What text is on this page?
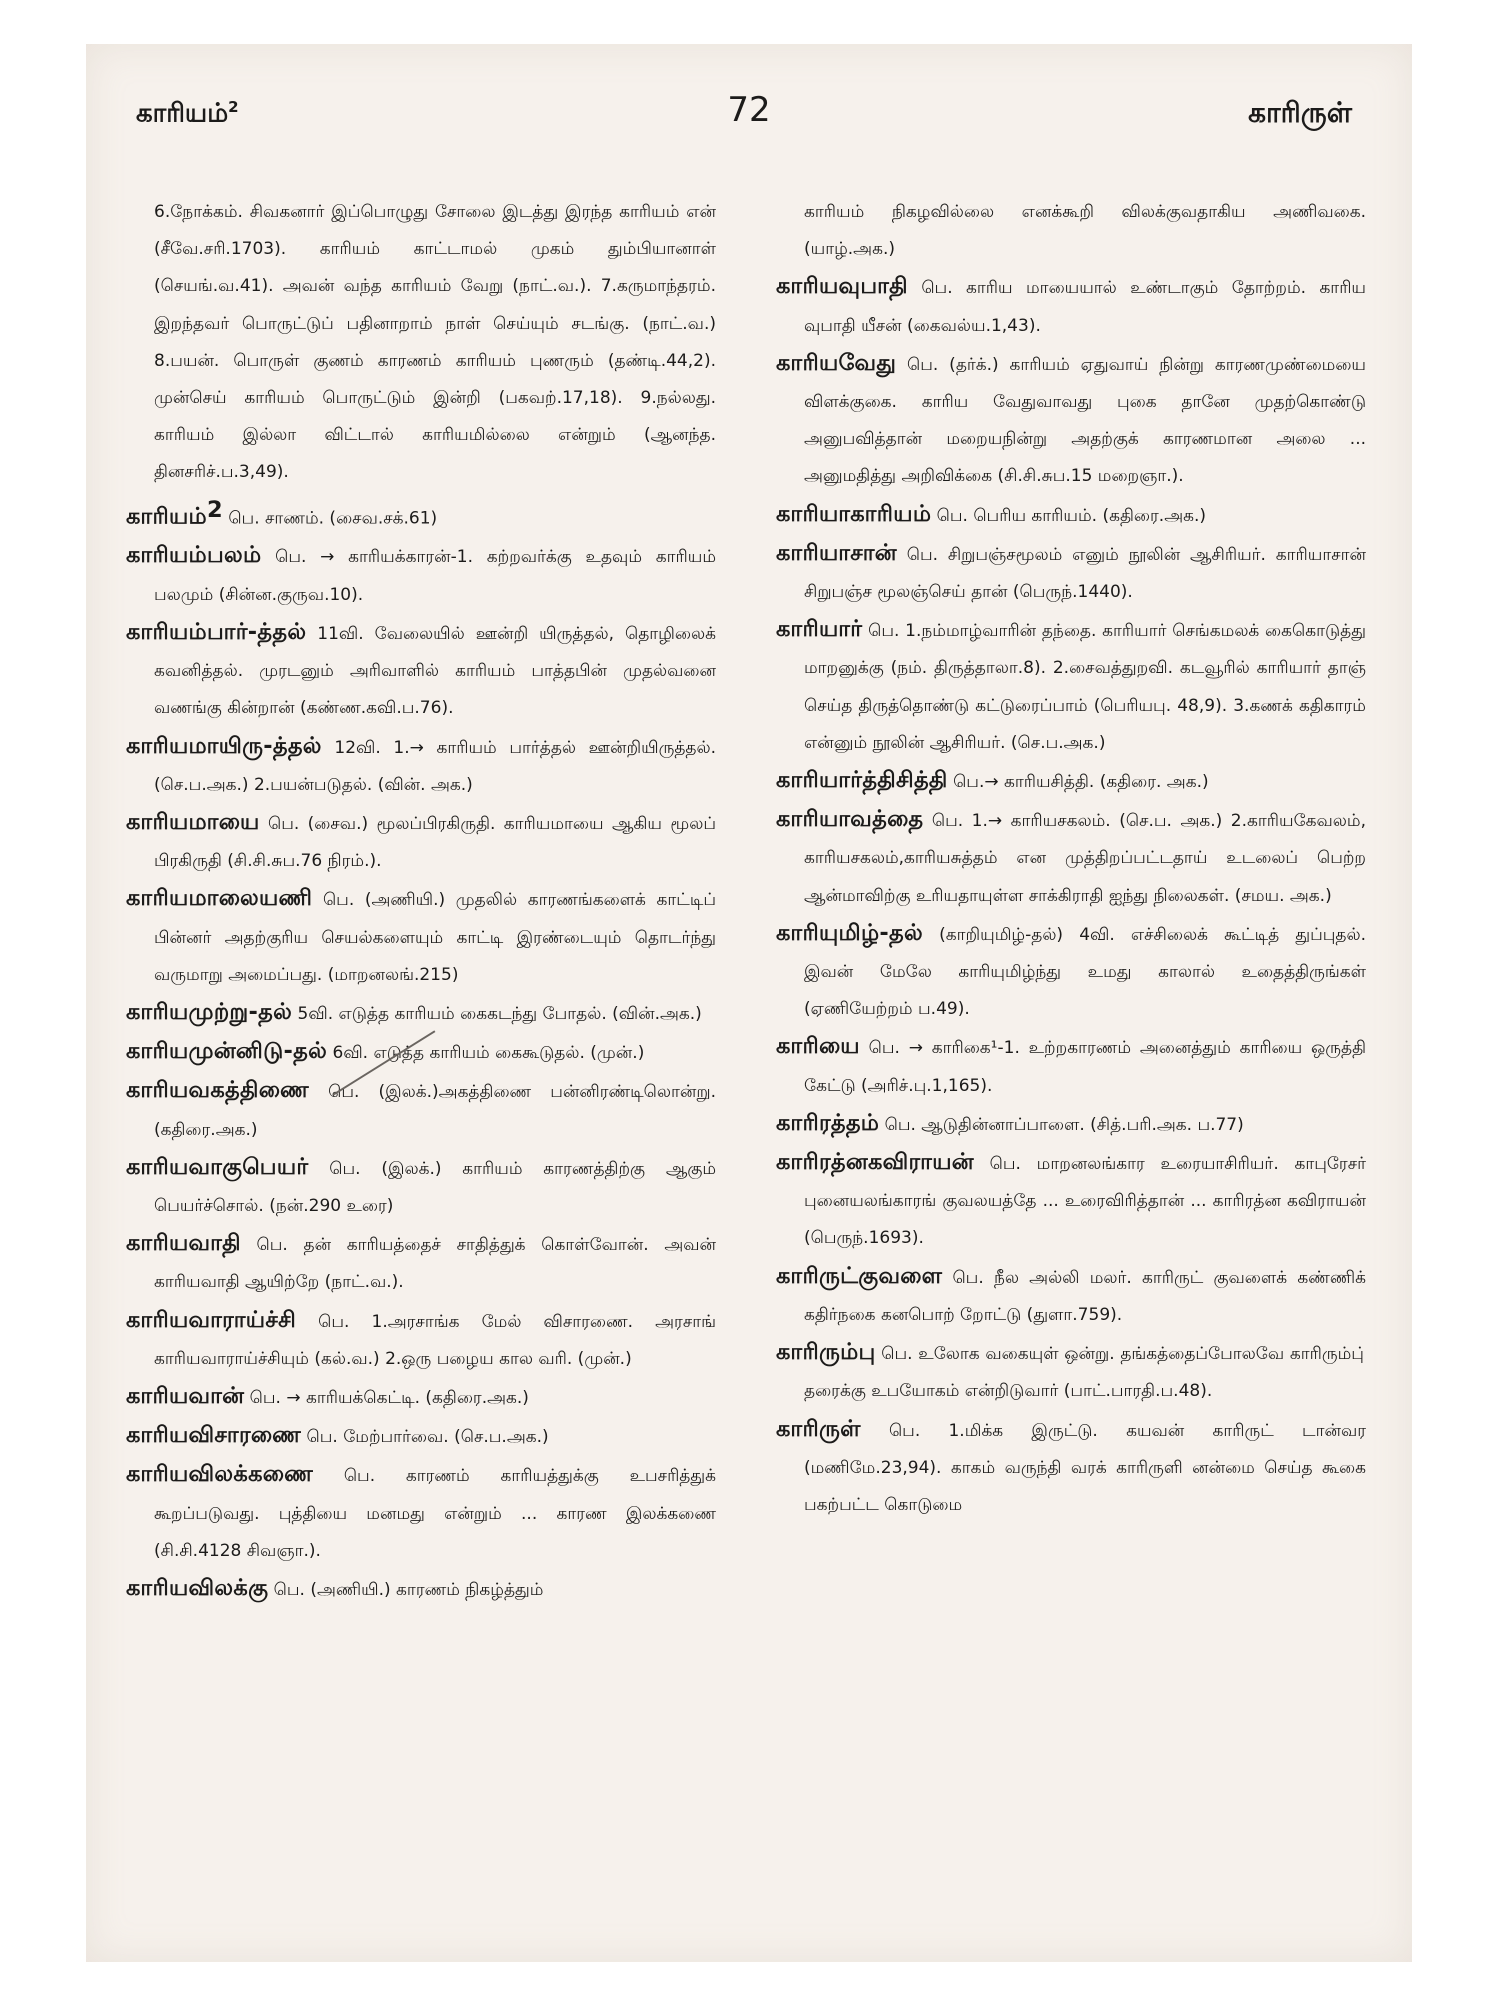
காரியம்$^2$	72	காரிருள்

6.நோக்கம். சிவகனார் இப்பொழுது சோலை இடத்து இரந்த காரியம் என் (சீவே.சரி.1703). காரியம் காட்டாமல் முகம் தும்பியானாள் (செயங்.வ.41). அவன் வந்த காரியம் வேறு (நாட்.வ.). 7.கருமாந்தரம். இறந்தவர் பொருட்டுப் பதினாறாம் நாள் செய்யும் சடங்கு. (நாட்.வ.) 8.பயன். பொருள் குணம் காரணம் காரியம் புணரும் (தண்டி.44,2). முன்செய் காரியம் பொருட்டும் இன்றி (பகவற்.17,18). 9.நல்லது. காரியம் இல்லா விட்டால் காரியமில்லை என்றும் (ஆனந்த. தினசரிச்.ப.3,49).

காரியம்$^2$ பெ. சாணம். (சைவ.சக்.61)

காரியம்பலம் பெ. → காரியக்காரன்-1. கற்றவர்க்கு உதவும் காரியம் பலமும் (சின்ன.குருவ.10).

காரியம்பார்-த்தல் 11வி. வேலையில் ஊன்றி யிருத்தல், தொழிலைக் கவனித்தல். முரடனும் அரிவாளில் காரியம் பாத்தபின் முதல்வனை வணங்கு கின்றான் (கண்ண.கவி.ப.76).

காரியமாயிரு-த்தல் 12வி. 1.→ காரியம் பார்த்தல் ஊன்றியிருத்தல். (செ.ப.அக.) 2.பயன்படுதல். (வின். அக.)

காரியமாயை பெ. (சைவ.) மூலப்பிரகிருதி. காரியமாயை ஆகிய மூலப் பிரகிருதி (சி.சி.சுப.76 நிரம்.).

காரியமாலையணி பெ. (அணியி.) முதலில் காரணங்களைக் காட்டிப் பின்னர் அதற்குரிய செயல்களையும் காட்டி இரண்டையும் தொடர்ந்து வருமாறு அமைப்பது. (மாறனலங்.215)

காரியமுற்று-தல் 5வி. எடுத்த காரியம் கைகடந்து போதல். (வின்.அக.)

காரியமுன்னிடு-தல் 6வி. எடுத்த காரியம் கைகூடுதல். (முன்.)

காரியவகத்திணை பெ. (இலக்.)அகத்திணை பன்னிரண்டிலொன்று. (கதிரை.அக.)

காரியவாகுபெயர் பெ. (இலக்.) காரியம் காரணத்திற்கு ஆகும் பெயர்ச்சொல். (நன்.290 உரை)

காரியவாதி பெ. தன் காரியத்தைச் சாதித்துக் கொள்வோன். அவன் காரியவாதி ஆயிற்றே (நாட்.வ.).

காரியவாராய்ச்சி பெ. 1.அரசாங்க மேல் விசாரணை. அரசாங் காரியவாராய்ச்சியும் (கல்.வ.) 2.ஒரு பழைய கால வரி. (முன்.)

காரியவான் பெ. → காரியக்கெட்டி. (கதிரை.அக.)

காரியவிசாரணை பெ. மேற்பார்வை. (செ.ப.அக.)

காரியவிலக்கணை பெ. காரணம் காரியத்துக்கு உபசரித்துக் கூறப்படுவது. புத்தியை மனமது என்றும் ... காரண இலக்கணை (சி.சி.4128 சிவஞா.).

காரியவிலக்கு பெ. (அணியி.) காரணம் நிகழ்த்தும்

காரியம் நிகழவில்லை எனக்கூறி விலக்குவதாகிய அணிவகை. (யாழ்.அக.)

காரியவுபாதி பெ. காரிய மாயையால் உண்டாகும் தோற்றம். காரிய வுபாதி யீசன் (கைவல்ய.1,43).

காரியவேது பெ. (தர்க்.) காரியம் ஏதுவாய் நின்று காரணமுண்மையை விளக்குகை. காரிய வேதுவாவது புகை தானே முதற்கொண்டு அனுபவித்தான் மறையநின்று அதற்குக் காரணமான அலை ... அனுமதித்து அறிவிக்கை (சி.சி.சுப.15 மறைஞா.).

காரியாகாரியம் பெ. பெரிய காரியம். (கதிரை.அக.)

காரியாசான் பெ. சிறுபஞ்சமூலம் எனும் நூலின் ஆசிரியர். காரியாசான் சிறுபஞ்ச மூலஞ்செய் தான் (பெருந்.1440).

காரியார் பெ. 1.நம்மாழ்வாரின் தந்தை. காரியார் செங்கமலக் கைகொடுத்து மாறனுக்கு (நம். திருத்தாலா.8). 2.சைவத்துறவி. கடவூரில் காரியார் தாஞ் செய்த திருத்தொண்டு கட்டுரைப்பாம் (பெரியபு. 48,9). 3.கணக் கதிகாரம் என்னும் நூலின் ஆசிரியர். (செ.ப.அக.)

காரியார்த்திசித்தி பெ.→ காரியசித்தி. (கதிரை. அக.)

காரியாவத்தை பெ. 1.→ காரியசகலம். (செ.ப. அக.) 2.காரியகேவலம், காரியசகலம்,காரியசுத்தம் என முத்திறப்பட்டதாய் உடலைப் பெற்ற ஆன்மாவிற்கு உரியதாயுள்ள சாக்கிராதி ஐந்து நிலைகள். (சமய. அக.)

காரியுமிழ்-தல் (காறியுமிழ்-தல்) 4வி. எச்சிலைக் கூட்டித் துப்புதல். இவன் மேலே காரியுமிழ்ந்து உமது காலால் உதைத்திருங்கள் (ஏணியேற்றம் ப.49).

காரியை பெ. → காரிகை¹-1. உற்றகாரணம் அனைத்தும் காரியை ஒருத்தி கேட்டு (அரிச்.பு.1,165).

காரிரத்தம் பெ. ஆடுதின்னாப்பாளை. (சித்.பரி.அக. ப.77)

காரிரத்னகவிராயன் பெ. மாறனலங்கார உரையாசிரியர். காபுரேசர் புனையலங்காரங் குவலயத்தே ... உரைவிரித்தான் ... காரிரத்ன கவிராயன் (பெருந்.1693).

காரிருட்குவளை பெ. நீல அல்லி மலர். காரிருட் குவளைக் கண்ணிக் கதிர்நகை கனபொற் றோட்டு (துளா.759).

காரிரும்பு பெ. உலோக வகையுள் ஒன்று. தங்கத்தைப்போலவே காரிரும்பு் தரைக்கு உபயோகம் என்றிடுவார் (பாட்.பாரதி.ப.48).

காரிருள் பெ. 1.மிக்க இருட்டு. கயவன் காரிருட் டான்வர (மணிமே.23,94). காகம் வருந்தி வரக் காரிருளி னன்மை செய்த கூகை பகற்பட்ட கொடுமை
